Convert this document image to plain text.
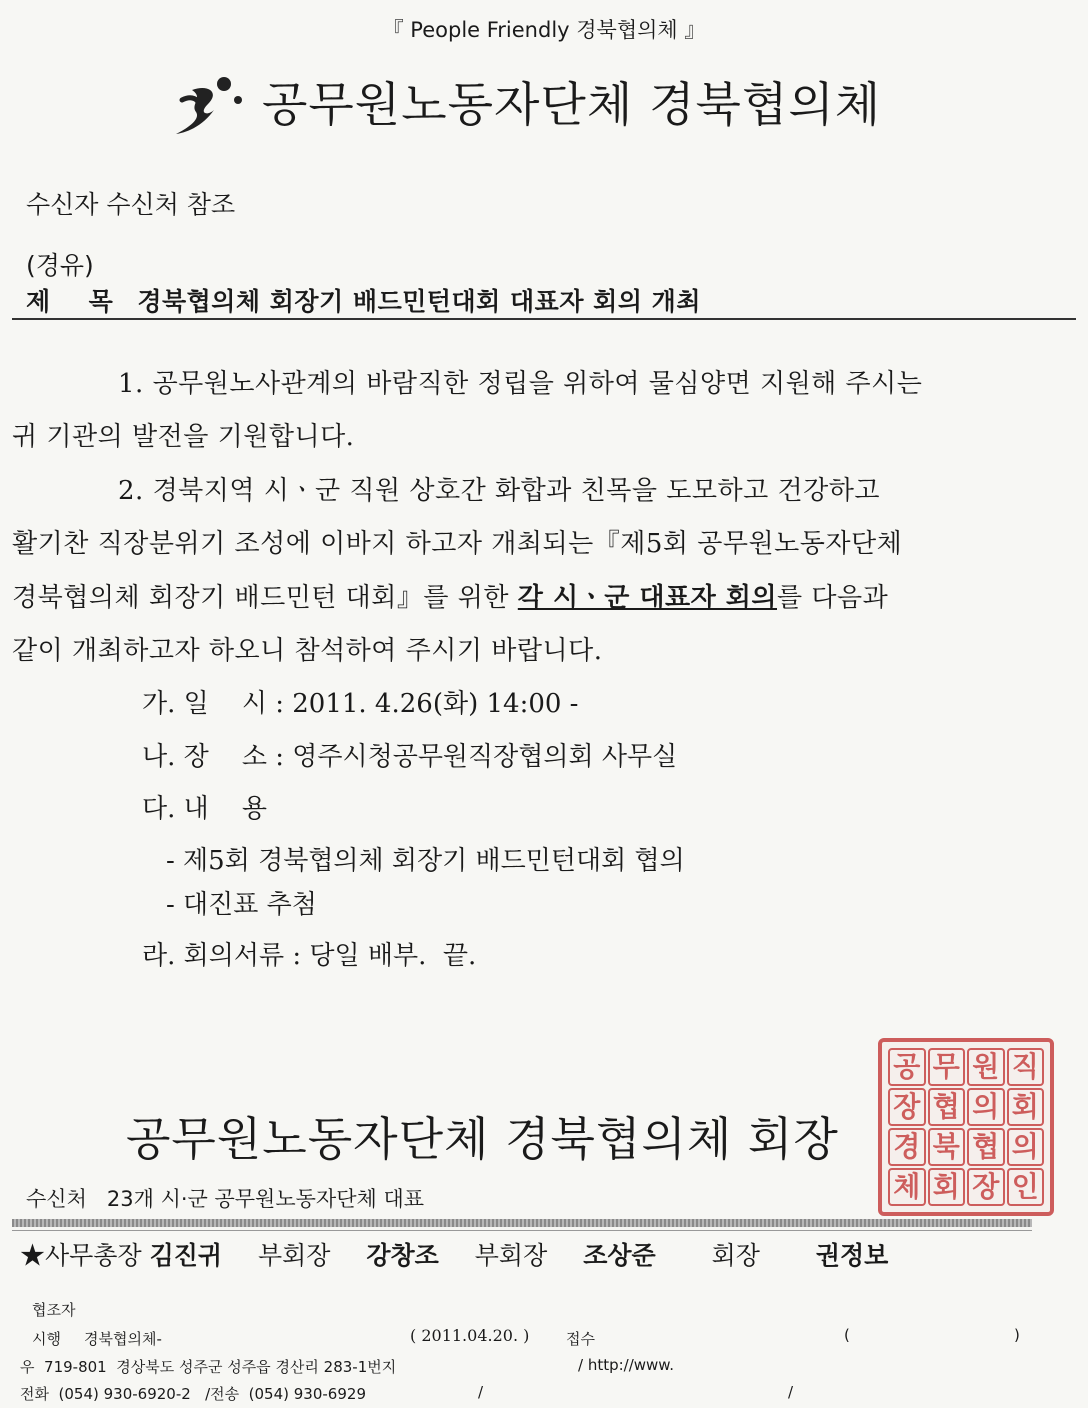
『 People Friendly 경북협의체 』
공무원노동자단체 경북협의체
수신자 수신처 참조
(경유)
제 목 경북협의체 회장기 배드민턴대회 대표자 회의 개최
1. 공무원노사관계의 바람직한 정립을 위하여 물심양면 지원해 주시는
귀 기관의 발전을 기원합니다.
2. 경북지역 시ㆍ군 직원 상호간 화합과 친목을 도모하고 건강하고
활기찬 직장분위기 조성에 이바지 하고자 개최되는『제5회 공무원노동자단체
경북협의체 회장기 배드민턴 대회』를 위한 각 시ㆍ군 대표자 회의를 다음과
같이 개최하고자 하오니 참석하여 주시기 바랍니다.
가. 일    시 : 2011. 4.26(화) 14:00 -
나. 장    소 : 영주시청공무원직장협의회 사무실
다. 내    용
- 제5회 경북협의체 회장기 배드민턴대회 협의
- 대진표 추첨
라. 회의서류 : 당일 배부.  끝.
공 무 원 직
장 협 의 회
경 북 협 의
체 회 장 인
공무원노동자단체 경북협의체 회장
수신처   23개 시·군 공무원노동자단체 대표
★사무총장 김진귀 부회장 강창조 부회장 조상준 회장 권정보
협조자
시행 경북협의체-	( 2011.04.20. ) 접수	(	)
우  719-801  경상북도 성주군 성주읍 경산리 283-1번지	/ http://www.
전화  (054) 930-6920-2   /전송  (054) 930-6929	/	/
